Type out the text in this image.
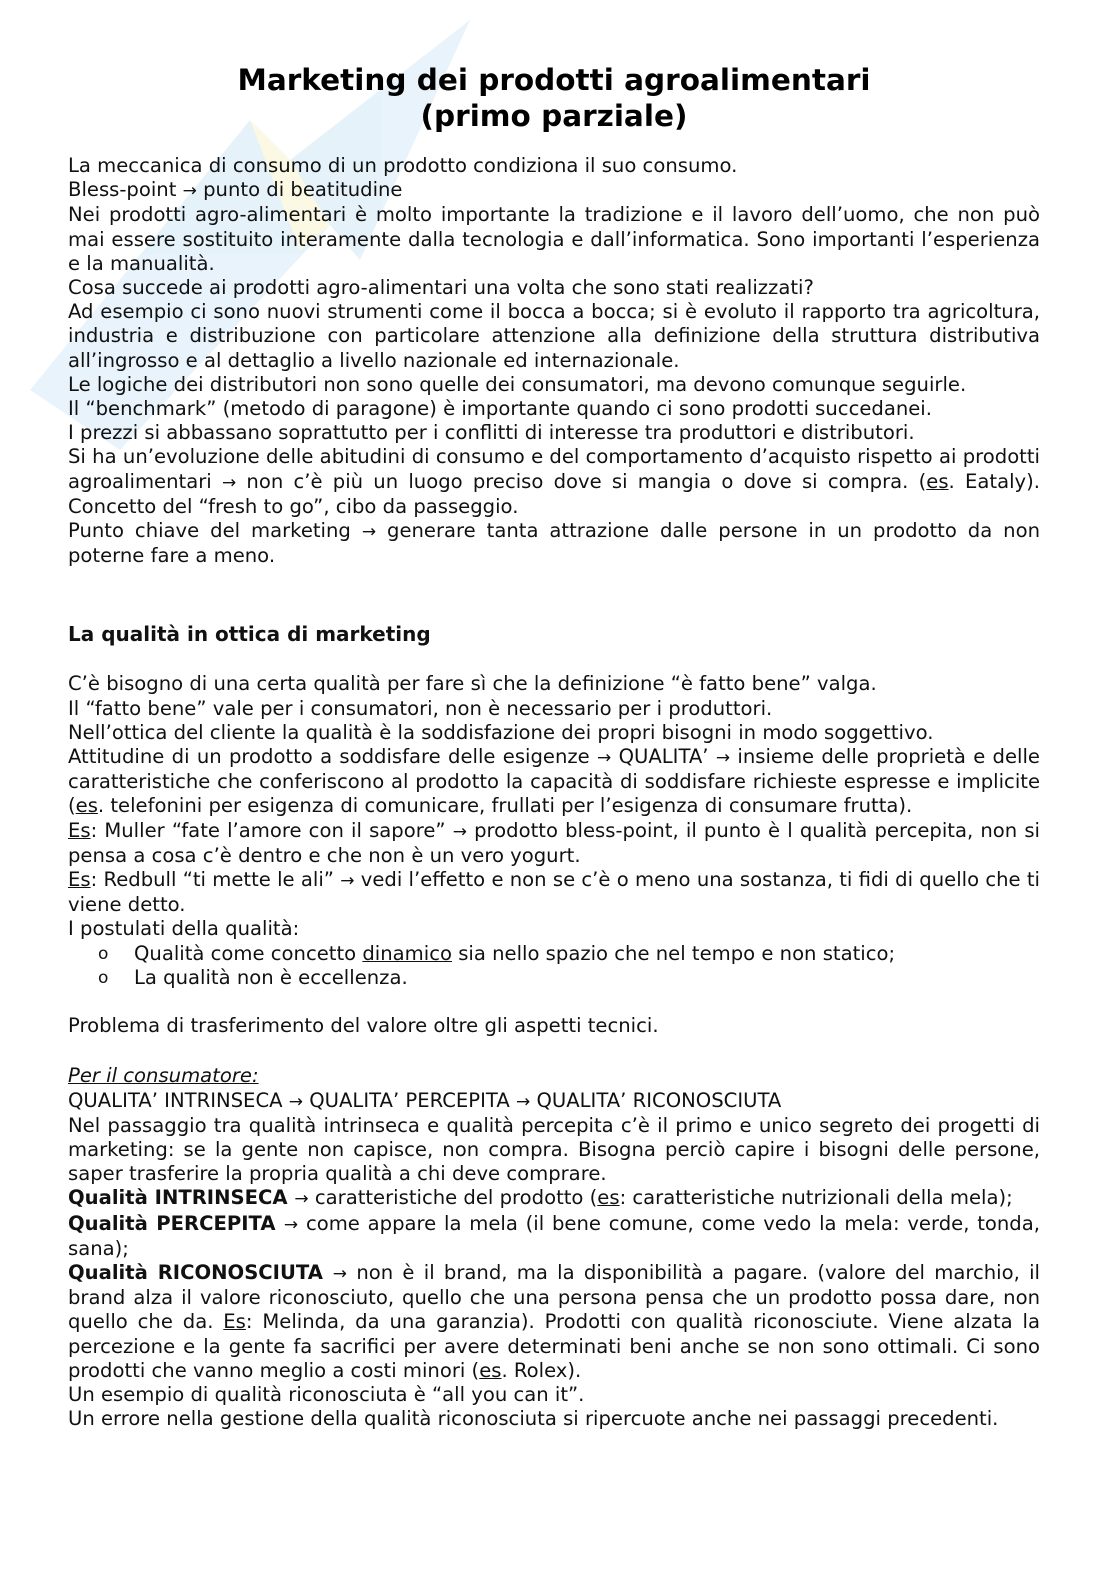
Marketing dei prodotti agroalimentari
(primo parziale)

La meccanica di consumo di un prodotto condiziona il suo consumo.

Bless-point → punto di beatitudine

Nei prodotti agro-alimentari è molto importante la tradizione e il lavoro dell’uomo, che non può mai essere sostituito interamente dalla tecnologia e dall’informatica. Sono importanti l’esperienza e la manualità.

Cosa succede ai prodotti agro-alimentari una volta che sono stati realizzati?

Ad esempio ci sono nuovi strumenti come il bocca a bocca; si è evoluto il rapporto tra agricoltura, industria e distribuzione con particolare attenzione alla definizione della struttura distributiva all’ingrosso e al dettaglio a livello nazionale ed internazionale.

Le logiche dei distributori non sono quelle dei consumatori, ma devono comunque seguirle.

Il “benchmark” (metodo di paragone) è importante quando ci sono prodotti succedanei.

I prezzi si abbassano soprattutto per i conflitti di interesse tra produttori e distributori.

Si ha un’evoluzione delle abitudini di consumo e del comportamento d’acquisto rispetto ai prodotti agroalimentari → non c’è più un luogo preciso dove si mangia o dove si compra. (es. Eataly). Concetto del “fresh to go”, cibo da passeggio.

Punto chiave del marketing → generare tanta attrazione dalle persone in un prodotto da non poterne fare a meno.

La qualità in ottica di marketing

C’è bisogno di una certa qualità per fare sì che la definizione “è fatto bene” valga.

Il “fatto bene” vale per i consumatori, non è necessario per i produttori.

Nell’ottica del cliente la qualità è la soddisfazione dei propri bisogni in modo soggettivo.

Attitudine di un prodotto a soddisfare delle esigenze → QUALITA’ → insieme delle proprietà e delle caratteristiche che conferiscono al prodotto la capacità di soddisfare richieste espresse e implicite (es. telefonini per esigenza di comunicare, frullati per l’esigenza di consumare frutta).

Es: Muller “fate l’amore con il sapore” → prodotto bless-point, il punto è l qualità percepita, non si pensa a cosa c’è dentro e che non è un vero yogurt.

Es: Redbull “ti mette le ali” → vedi l’effetto e non se c’è o meno una sostanza, ti fidi di quello che ti viene detto.

I postulati della qualità:

o Qualità come concetto dinamico sia nello spazio che nel tempo e non statico;
o La qualità non è eccellenza.

Problema di trasferimento del valore oltre gli aspetti tecnici.

Per il consumatore:

QUALITA’ INTRINSECA → QUALITA’ PERCEPITA → QUALITA’ RICONOSCIUTA

Nel passaggio tra qualità intrinseca e qualità percepita c’è il primo e unico segreto dei progetti di marketing: se la gente non capisce, non compra. Bisogna perciò capire i bisogni delle persone, saper trasferire la propria qualità a chi deve comprare.

Qualità INTRINSECA → caratteristiche del prodotto (es: caratteristiche nutrizionali della mela);

Qualità PERCEPITA → come appare la mela (il bene comune, come vedo la mela: verde, tonda, sana);

Qualità RICONOSCIUTA → non è il brand, ma la disponibilità a pagare. (valore del marchio, il brand alza il valore riconosciuto, quello che una persona pensa che un prodotto possa dare, non quello che da. Es: Melinda, da una garanzia). Prodotti con qualità riconosciute. Viene alzata la percezione e la gente fa sacrifici per avere determinati beni anche se non sono ottimali. Ci sono prodotti che vanno meglio a costi minori (es. Rolex).

Un esempio di qualità riconosciuta è “all you can it”.

Un errore nella gestione della qualità riconosciuta si ripercuote anche nei passaggi precedenti.
